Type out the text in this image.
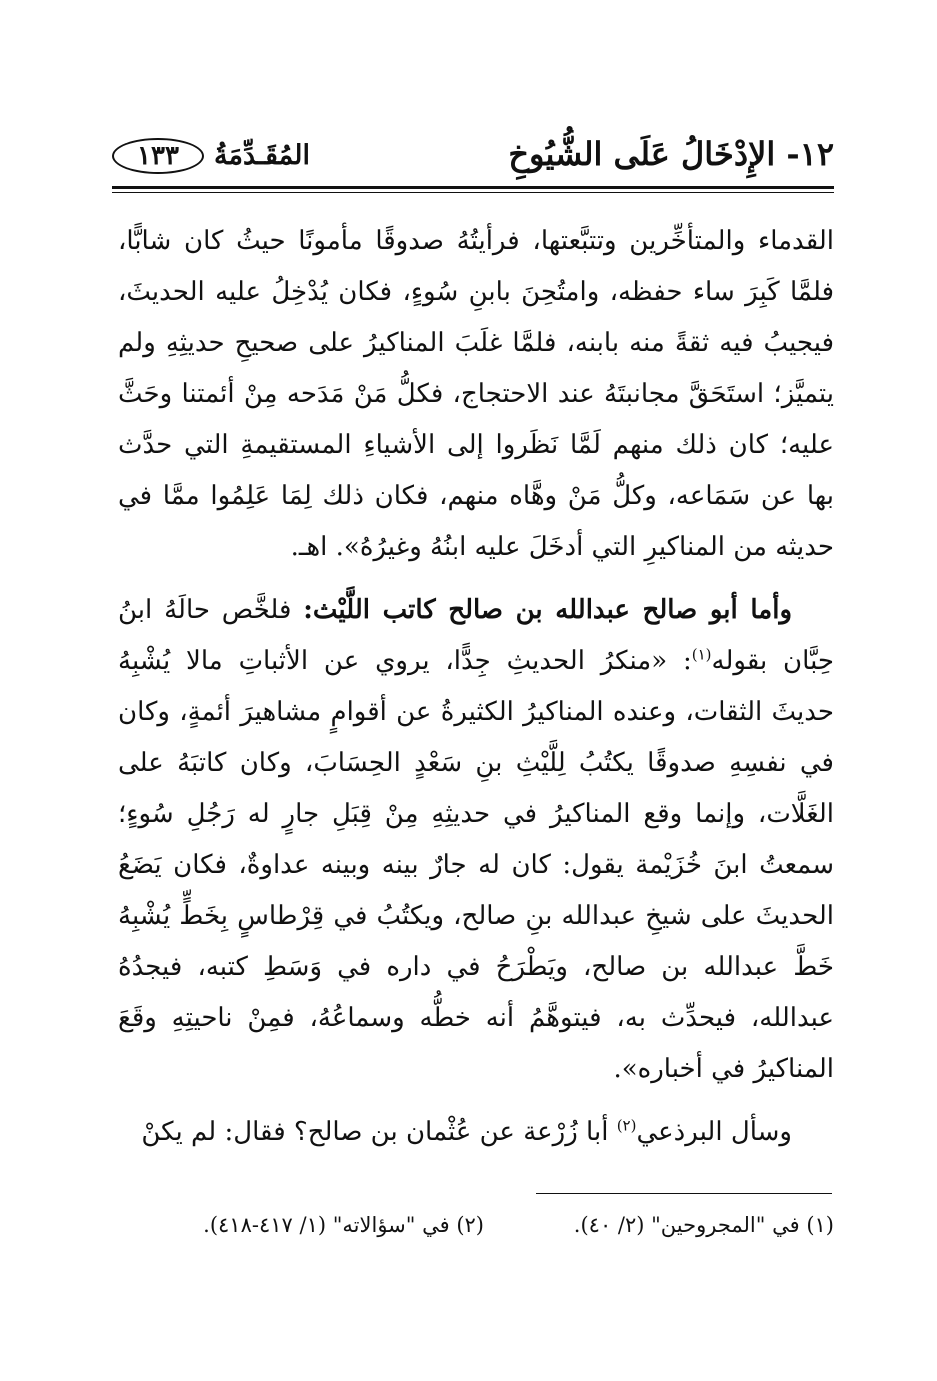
١٢- الإِدْخَالُ عَلَى الشُّيُوخِ
١٣٣ المُقَـدِّمَةُ

القدماء والمتأخِّرين وتتبَّعتها، فرأيتُهُ صدوقًا مأمونًا حيثُ كان شابًّا، فلمَّا كَبِرَ ساء حفظه، وامتُحِنَ بابنِ سُوءٍ، فكان يُدْخِلُ عليه الحديثَ، فيجيبُ فيه ثقةً منه بابنه، فلمَّا غلَبَ المناكيرُ على صحيحِ حديثِهِ ولم يتميَّز؛ استَحَقَّ مجانبتَهُ عند الاحتجاج، فكلُّ مَنْ مَدَحه مِنْ أئمتنا وحَثَّ عليه؛ كان ذلك منهم لَمَّا نَظَروا إلى الأشياءِ المستقيمةِ التي حدَّث بها عن سَمَاعه، وكلُّ مَنْ وهَّاه منهم، فكان ذلك لِمَا عَلِمُوا ممَّا في حديثه من المناكيرِ التي أدخَلَ عليه ابنُهُ وغيرُهُ». اهـ.

وأما أبو صالح عبدالله بن صالح كاتب اللَّيْث: فلخَّص حالَهُ ابنُ حِبَّان بقوله$^{(١)}$: «منكرُ الحديثِ جِدًّا، يروي عن الأثباتِ مالا يُشْبِهُ حديثَ الثقات، وعنده المناكيرُ الكثيرةُ عن أقوامٍ مشاهيرَ أئمةٍ، وكان في نفسِهِ صدوقًا يكتُبُ لِلَّيْثِ بنِ سَعْدٍ الحِسَابَ، وكان كاتبَهُ على الغَلَّات، وإنما وقع المناكيرُ في حديثِهِ مِنْ قِبَلِ جارٍ له رَجُلِ سُوءٍ؛ سمعتُ ابنَ خُزَيْمة يقول: كان له جارٌ بينه وبينه عداوةٌ، فكان يَضَعُ الحديثَ على شيخِ عبدالله بنِ صالح، ويكتُبُ في قِرْطاسٍ بِخَطٍّ يُشْبِهُ خَطَّ عبدالله بن صالح، ويَطْرَحُ في داره في وَسَطِ كتبه، فيجدُهُ عبدالله، فيحدِّث به، فيتوهَّمُ أنه خطُّه وسماعُهُ، فمِنْ ناحيتِهِ وقَعَ المناكيرُ في أخباره».

وسأل البرذعي$^{(٢)}$ أبا زُرْعة عن عُثْمان بن صالح؟ فقال: لم يكنْ

(١) في "المجروحين" (٢/ ٤٠).
(٢) في "سؤالاته" (١/ ٤١٧-٤١٨).
